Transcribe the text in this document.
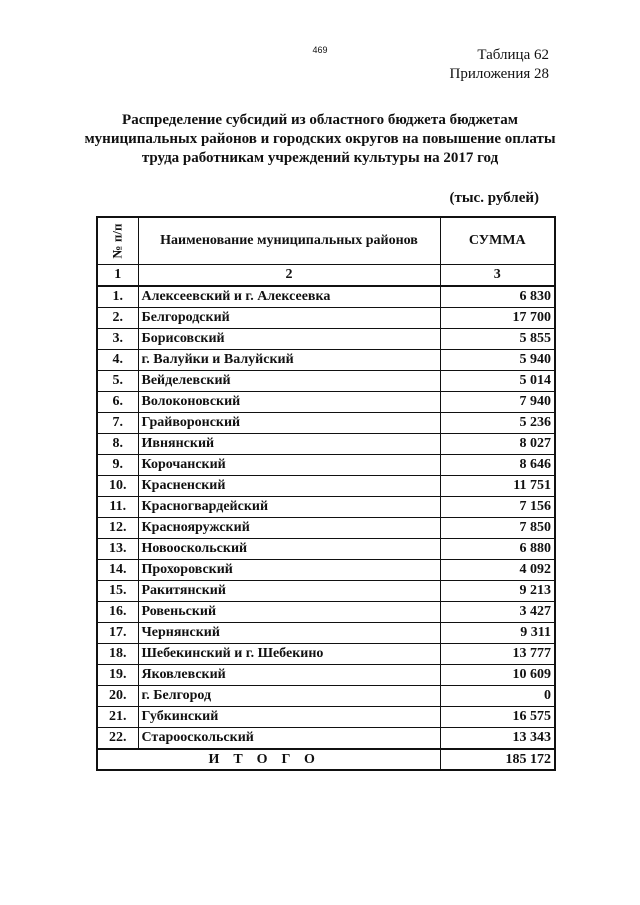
469	Таблица 62
Приложения 28
Распределение субсидий из областного бюджета бюджетам
муниципальных районов и городских округов на повышение оплаты
труда работникам учреждений культуры на 2017 год
(тыс. рублей)
№ п/п	Наименование муниципальных районов	СУММА
1	2	3
1.	Алексеевский и г. Алексеевка	6 830
2.	Белгородский	17 700
3.	Борисовский	5 855
4.	г. Валуйки и Валуйский	5 940
5.	Вейделевский	5 014
6.	Волоконовский	7 940
7.	Грайворонский	5 236
8.	Ивнянский	8 027
9.	Корочанский	8 646
10.	Красненский	11 751
11.	Красногвардейский	7 156
12.	Краснояружский	7 850
13.	Новооскольский	6 880
14.	Прохоровский	4 092
15.	Ракитянский	9 213
16.	Ровеньский	3 427
17.	Чернянский	9 311
18.	Шебекинский и г. Шебекино	13 777
19.	Яковлевский	10 609
20.	г. Белгород	0
21.	Губкинский	16 575
22.	Старооскольский	13 343
ИТОГО		185 172
